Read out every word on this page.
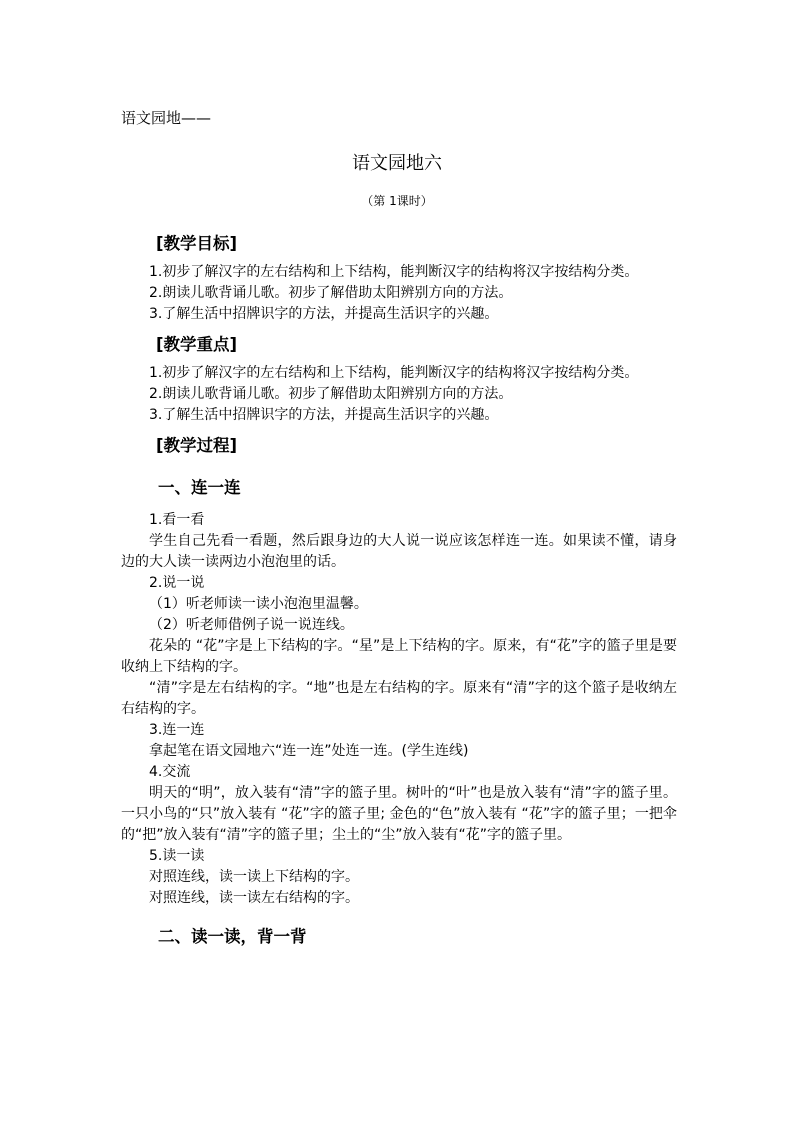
语文园地——
语文园地六
（第 1课时）
[教学目标]

1.初步了解汉字的左右结构和上下结构，能判断汉字的结构将汉字按结构分类。

2.朗读儿歌背诵儿歌。初步了解借助太阳辨别方向的方法。

3.了解生活中招牌识字的方法，并提高生活识字的兴趣。

[教学重点]

1.初步了解汉字的左右结构和上下结构，能判断汉字的结构将汉字按结构分类。

2.朗读儿歌背诵儿歌。初步了解借助太阳辨别方向的方法。

3.了解生活中招牌识字的方法，并提高生活识字的兴趣。

[教学过程]
一、连一连

1.看一看

学生自己先看一看题，然后跟身边的大人说一说应该怎样连一连。如果读不懂，请身边的大人读一读两边小泡泡里的话。

2.说一说

（1）听老师读一读小泡泡里温馨。

（2）听老师借例子说一说连线。

花朵的 “花”字是上下结构的字。“星”是上下结构的字。原来，有“花”字的篮子里是要收纳上下结构的字。

“清”字是左右结构的字。“地”也是左右结构的字。原来有“清”字的这个篮子是收纳左右结构的字。

3.连一连

拿起笔在语文园地六“连一连”处连一连。(学生连线)

4.交流

明天的“明”，放入装有“清”字的篮子里。树叶的“叶”也是放入装有“清”字的篮子里。一只小鸟的“只”放入装有 “花”字的篮子里; 金色的“色”放入装有 “花”字的篮子里；一把伞的“把”放入装有“清”字的篮子里；尘土的“尘”放入装有“花”字的篮子里。

5.读一读

对照连线，读一读上下结构的字。

对照连线，读一读左右结构的字。

二、读一读，背一背
